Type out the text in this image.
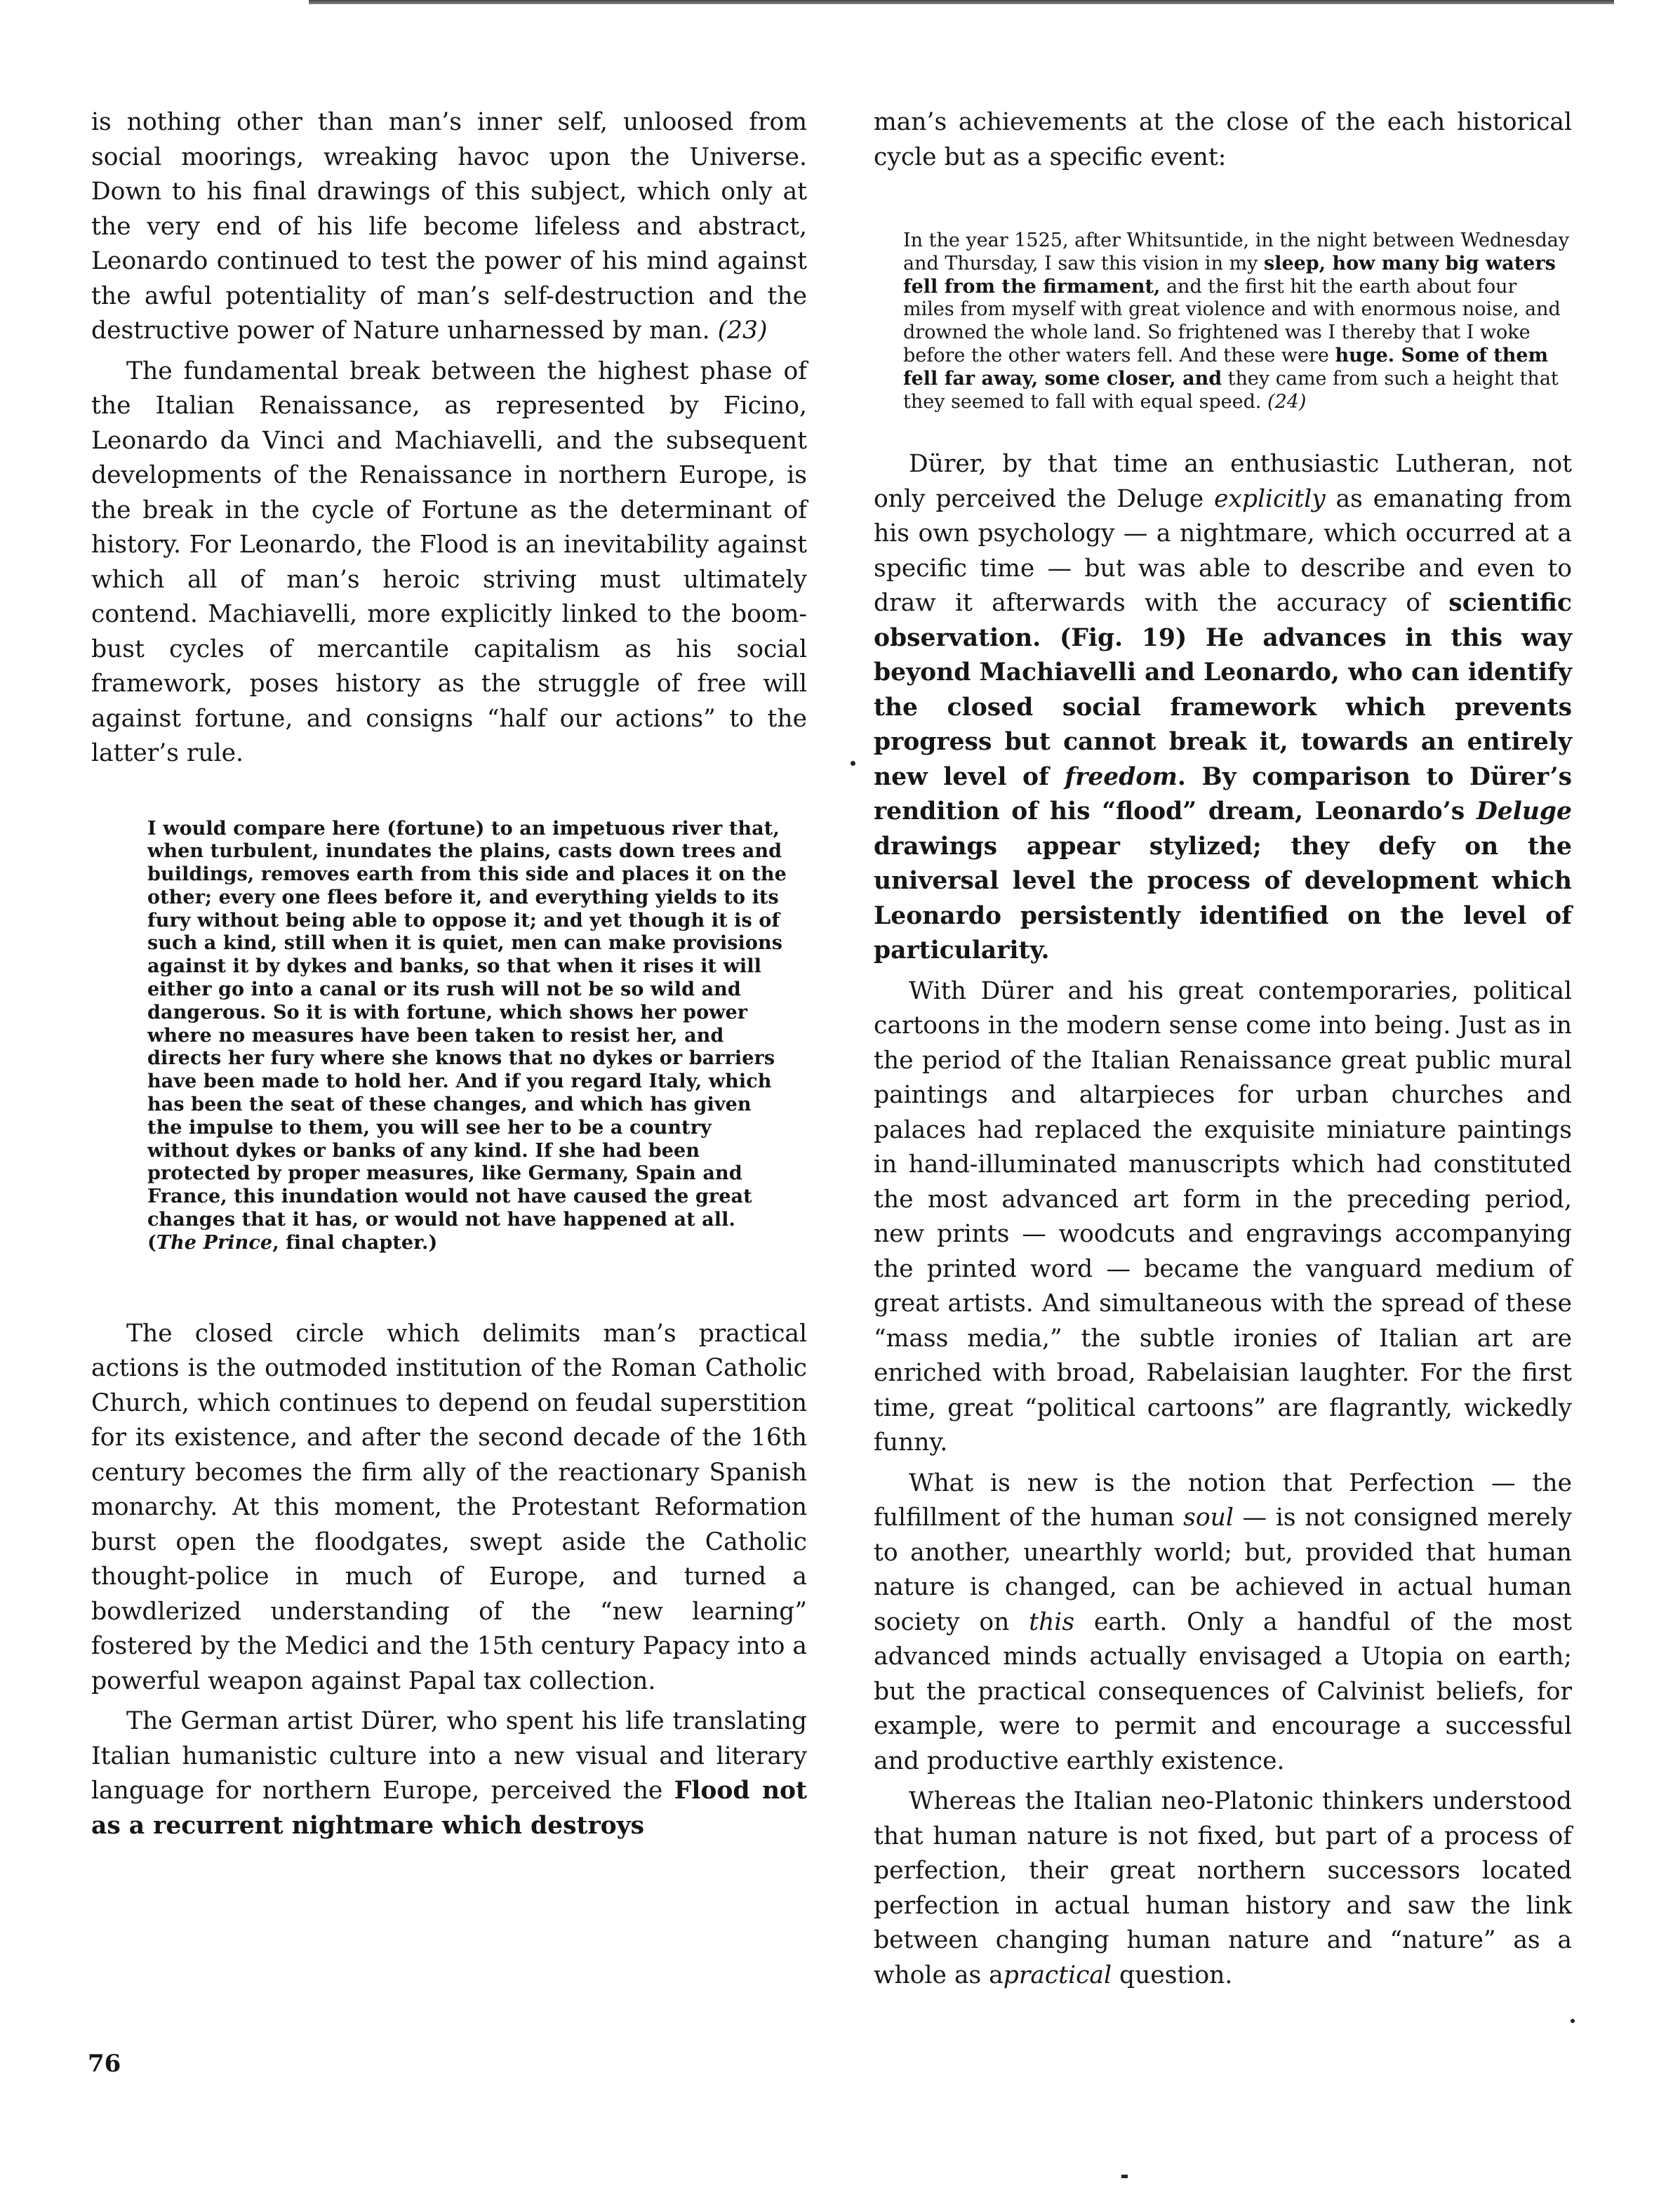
is nothing other than man’s inner self, unloosed from social moorings, wreaking havoc upon the Universe. Down to his final drawings of this subject, which only at the very end of his life become lifeless and abstract, Leonardo continued to test the power of his mind against the awful potentiality of man’s self-destruction and the destructive power of Nature unharnessed by man. (23)

The fundamental break between the highest phase of the Italian Renaissance, as represented by Ficino, Leonardo da Vinci and Machiavelli, and the subsequent developments of the Renaissance in northern Europe, is the break in the cycle of Fortune as the determinant of history. For Leonardo, the Flood is an inevitability against which all of man’s heroic striving must ultimately contend. Machiavelli, more explicitly linked to the boom-bust cycles of mercantile capitalism as his social framework, poses history as the struggle of free will against fortune, and consigns “half our actions” to the latter’s rule.

I would compare here (fortune) to an impetuous river that, when turbulent, inundates the plains, casts down trees and buildings, removes earth from this side and places it on the other; every one flees before it, and everything yields to its fury without being able to oppose it; and yet though it is of such a kind, still when it is quiet, men can make provisions against it by dykes and banks, so that when it rises it will either go into a canal or its rush will not be so wild and dangerous. So it is with fortune, which shows her power where no measures have been taken to resist her, and directs her fury where she knows that no dykes or barriers have been made to hold her. And if you regard Italy, which has been the seat of these changes, and which has given the impulse to them, you will see her to be a country without dykes or banks of any kind. If she had been protected by proper measures, like Germany, Spain and France, this inundation would not have caused the great changes that it has, or would not have happened at all. (The Prince, final chapter.)

The closed circle which delimits man’s practical actions is the outmoded institution of the Roman Catholic Church, which continues to depend on feudal superstition for its existence, and after the second decade of the 16th century becomes the firm ally of the reactionary Spanish monarchy. At this moment, the Protestant Reformation burst open the floodgates, swept aside the Catholic thought-police in much of Europe, and turned a bowdlerized understanding of the “new learning” fostered by the Medici and the 15th century Papacy into a powerful weapon against Papal tax collection.

The German artist Dürer, who spent his life translating Italian humanistic culture into a new visual and literary language for northern Europe, perceived the Flood not as a recurrent nightmare which destroys

man’s achievements at the close of the each historical cycle but as a specific event:

In the year 1525, after Whitsuntide, in the night between Wednesday and Thursday, I saw this vision in my sleep, how many big waters fell from the firmament, and the first hit the earth about four miles from myself with great violence and with enormous noise, and drowned the whole land. So frightened was I thereby that I woke before the other waters fell. And these were huge. Some of them fell far away, some closer, and they came from such a height that they seemed to fall with equal speed. (24)

Dürer, by that time an enthusiastic Lutheran, not only perceived the Deluge explicitly as emanating from his own psychology — a nightmare, which occurred at a specific time — but was able to describe and even to draw it afterwards with the accuracy of scientific observation. (Fig. 19) He advances in this way beyond Machiavelli and Leonardo, who can identify the closed social framework which prevents progress but cannot break it, towards an entirely new level of freedom. By comparison to Dürer’s rendition of his “flood” dream, Leonardo’s Deluge drawings appear stylized; they defy on the universal level the process of development which Leonardo persistently identified on the level of particularity.

With Dürer and his great contemporaries, political cartoons in the modern sense come into being. Just as in the period of the Italian Renaissance great public mural paintings and altarpieces for urban churches and palaces had replaced the exquisite miniature paintings in hand-illuminated manuscripts which had constituted the most advanced art form in the preceding period, new prints — woodcuts and engravings accompanying the printed word — became the vanguard medium of great artists. And simultaneous with the spread of these “mass media,” the subtle ironies of Italian art are enriched with broad, Rabelaisian laughter. For the first time, great “political cartoons” are flagrantly, wickedly funny.

What is new is the notion that Perfection — the fulfillment of the human soul — is not consigned merely to another, unearthly world; but, provided that human nature is changed, can be achieved in actual human society on this earth. Only a handful of the most advanced minds actually envisaged a Utopia on earth; but the practical consequences of Calvinist beliefs, for example, were to permit and encourage a successful and productive earthly existence.

Whereas the Italian neo-Platonic thinkers understood that human nature is not fixed, but part of a process of perfection, their great northern successors located perfection in actual human history and saw the link between changing human nature and “nature” as a whole as apractical question.

76
